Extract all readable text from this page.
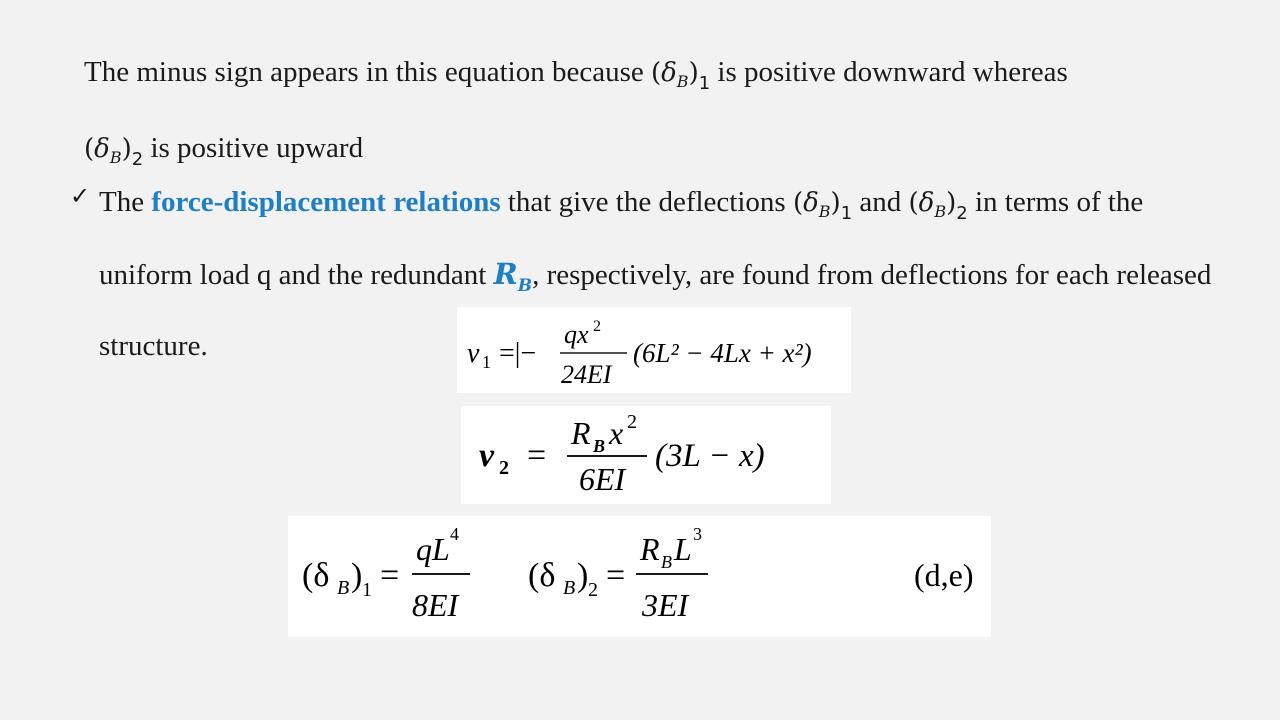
The minus sign appears in this equation because $(\delta_B)_1$ is positive downward whereas
$(\delta_B)_2$ is positive upward
✓ The force-displacement relations that give the deflections $(\delta_B)_1$ and $(\delta_B)_2$ in terms of the uniform load q and the redundant $R_B$, respectively, are found from deflections for each released structure.	v 1 =|−
qx 2
24EI
(6L² − 4Lx + x²)
v 2 =
R B x 2
6EI
(3L − x)
(δ B ) 1 =
qL 4
8EI
(δ B ) 2 =
R B L 3
3EI
(d,e)
